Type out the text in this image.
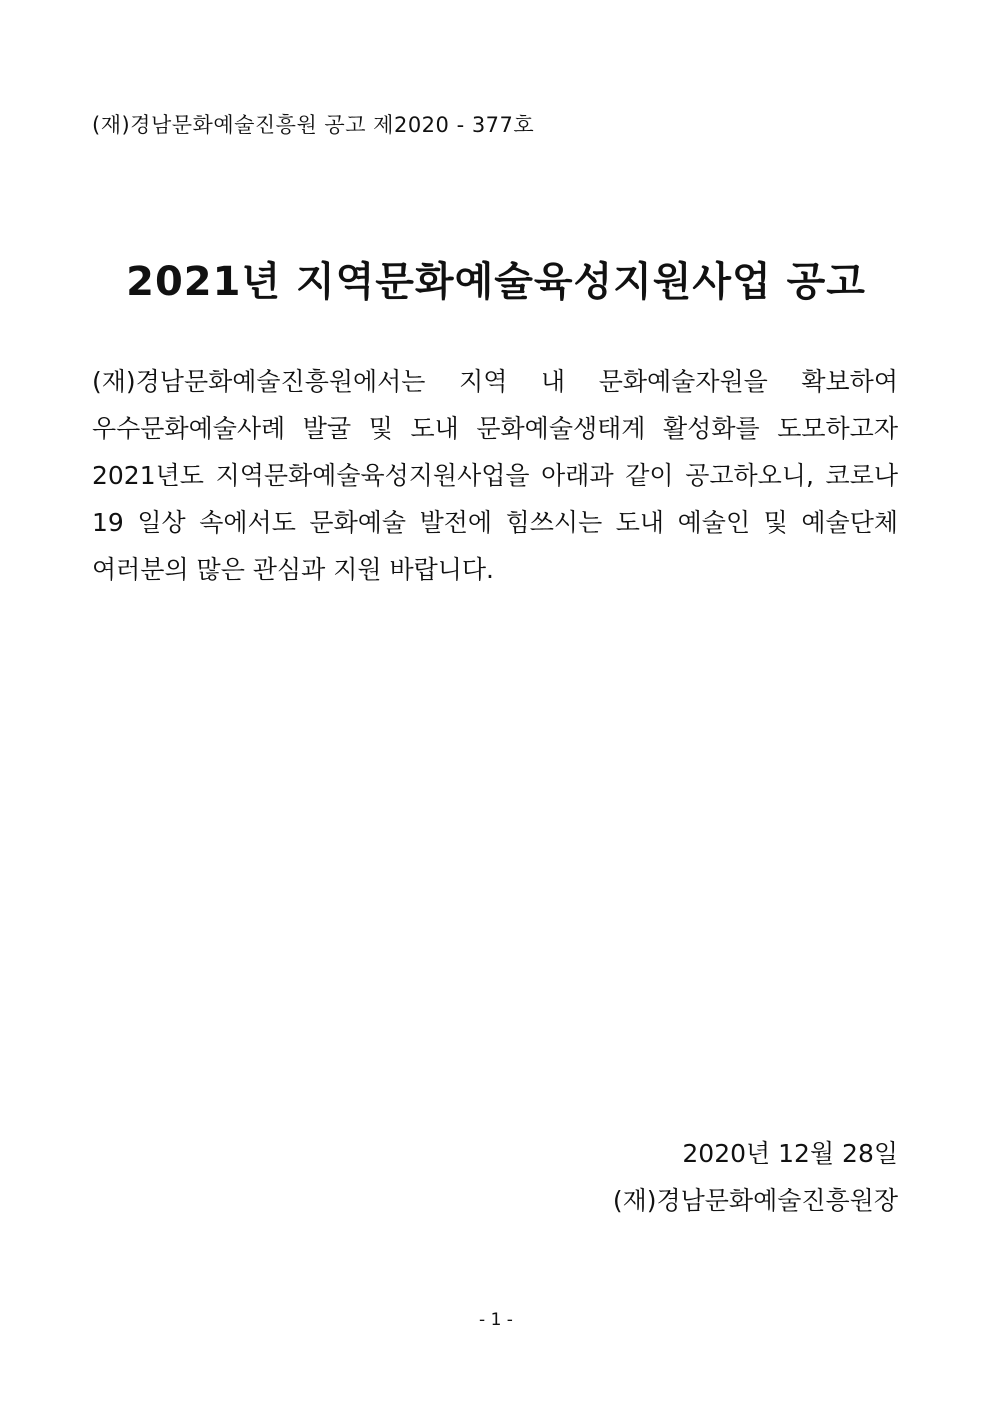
(재)경남문화예술진흥원 공고 제2020 - 377호
2021년 지역문화예술육성지원사업 공고
(재)경남문화예술진흥원에서는 지역 내 문화예술자원을 확보하여
우수문화예술사례 발굴 및 도내 문화예술생태계 활성화를 도모하고자
2021년도 지역문화예술육성지원사업을 아래과 같이 공고하오니, 코로나
19 일상 속에서도 문화예술 발전에 힘쓰시는 도내 예술인 및 예술단체
여러분의 많은 관심과 지원 바랍니다.
2020년 12월 28일
(재)경남문화예술진흥원장
- 1 -
